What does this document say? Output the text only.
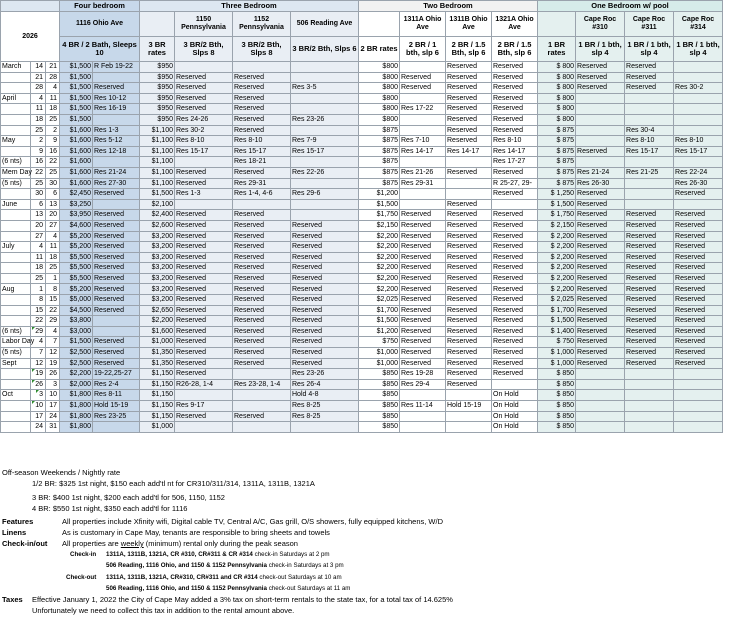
			Four bedroom		Three Bedroom				Two Bedroom				One Bedroom w/ pool			
2026			1116 Ohio Ave			1150 Pennsylvania	1152 Pennsylvania	506 Reading Ave		1311A Ohio Ave	1311B Ohio Ave	1321A Ohio Ave		Cape Roc #310	Cape Roc #311	Cape Roc #314
			4 BR / 2 Bath, Sleeps 10		3 BR rates	3 BR/2 Bth, Slps 8	3 BR/2 Bth, Slps 8	3 BR/2 Bth, Slps 6	2 BR rates	2 BR / 1 bth, slp 6	2 BR / 1.5 Bth, slp 6	2 BR / 1.5 Bth, slp 6	1 BR rates	1 BR / 1 bth, slp 4	1 BR / 1 bth, slp 4	1 BR / 1 bth, slp 4
March	14	21	$1,500	R Feb 19-22	$950				$800		Reserved	Reserved	$ 800	Reserved	Reserved	
	21	28	$1,500		$950	Reserved	Reserved		$800	Reserved	Reserved	Reserved	$ 800	Reserved	Reserved	
	28	4	$1,500	Reserved	$950	Reserved	Reserved	Res 3-5	$800	Reserved	Reserved	Reserved	$ 800	Reserved	Reserved	Res 30-2
April	4	11	$1,500	Res 10-12	$950	Reserved	Reserved		$800		Reserved	Reserved	$ 800			
	11	18	$1,500	Res 16-19	$950	Reserved	Reserved		$800	Res 17-22	Reserved	Reserved	$ 800			
	18	25	$1,500		$950	Res 24-26	Reserved	Res 23-26	$800		Reserved	Reserved	$ 800			
	25	2	$1,600	Res 1-3	$1,100	Res 30-2	Reserved		$875		Reserved	Reserved	$ 875		Res 30-4	
May	2	9	$1,600	Res 5-12	$1,100	Res 8-10	Res 8-10	Res 7-9	$875	Res 7-10	Reserved	Res 8-10	$ 875		Res 8-10	Res 8-10
	9	16	$1,600	Res 12-18	$1,100	Res 15-17	Res 15-17	Res 15-17	$875	Res 14-17	Res 14-17	Res 14-17	$ 875	Reserved	Res 15-17	Res 15-17
(6 nts)	16	22	$1,600		$1,100		Res 18-21		$875			Res 17-27	$ 875			
Mem Day	22	25	$1,600	Res 21-24	$1,100	Reserved	Reserved	Res 22-26	$875	Res 21-26	Reserved	Reserved	$ 875	Res 21-24	Res 21-25	Res 22-24
(5 nts)	25	30	$1,600	Res 27-30	$1,100	Reserved	Res 29-31		$875	Res 29-31		R 25-27, 29-	$ 875	Res 26-30		Res 26-30
	30	6	$2,450	Reserved	$1,500	Res 1-3	Res 1-4, 4-6	Res 29-6	$1,200			Reserved	$ 1,250	Reserved		Reserved
June	6	13	$3,250		$2,100				$1,500		Reserved		$ 1,500	Reserved		
	13	20	$3,950	Reserved	$2,400	Reserved	Reserved		$1,750	Reserved	Reserved	Reserved	$ 1,750	Reserved	Reserved	Reserved
	20	27	$4,600	Reserved	$2,600	Reserved	Reserved	Reserved	$2,150	Reserved	Reserved	Reserved	$ 2,150	Reserved	Reserved	Reserved
	27	4	$5,200	Reserved	$3,200	Reserved	Reserved	Reserved	$2,200	Reserved	Reserved	Reserved	$ 2,200	Reserved	Reserved	Reserved
July	4	11	$5,200	Reserved	$3,200	Reserved	Reserved	Reserved	$2,200	Reserved	Reserved	Reserved	$ 2,200	Reserved	Reserved	Reserved
	11	18	$5,500	Reserved	$3,200	Reserved	Reserved	Reserved	$2,200	Reserved	Reserved	Reserved	$ 2,200	Reserved	Reserved	Reserved
	18	25	$5,500	Reserved	$3,200	Reserved	Reserved	Reserved	$2,200	Reserved	Reserved	Reserved	$ 2,200	Reserved	Reserved	Reserved
	25	1	$5,500	Reserved	$3,200	Reserved	Reserved	Reserved	$2,200	Reserved	Reserved	Reserved	$ 2,200	Reserved	Reserved	Reserved
Aug	1	8	$5,200	Reserved	$3,200	Reserved	Reserved	Reserved	$2,200	Reserved	Reserved	Reserved	$ 2,200	Reserved	Reserved	Reserved
	8	15	$5,000	Reserved	$3,200	Reserved	Reserved	Reserved	$2,025	Reserved	Reserved	Reserved	$ 2,025	Reserved	Reserved	Reserved
	15	22	$4,500	Reserved	$2,650	Reserved	Reserved	Reserved	$1,700	Reserved	Reserved	Reserved	$ 1,700	Reserved	Reserved	Reserved
	22	29	$3,800		$2,200	Reserved	Reserved	Reserved	$1,500	Reserved	Reserved	Reserved	$ 1,500	Reserved	Reserved	Reserved
(6 nts)	29	4	$3,000		$1,600	Reserved	Reserved	Reserved	$1,200	Reserved	Reserved	Reserved	$ 1,400	Reserved	Reserved	Reserved
Labor Day	4	7	$1,500	Reserved	$1,000	Reserved	Reserved	Reserved	$750	Reserved	Reserved	Reserved	$ 750	Reserved	Reserved	Reserved
(5 nts)	7	12	$2,500	Reserved	$1,350	Reserved	Reserved	Reserved	$1,000	Reserved	Reserved	Reserved	$ 1,000	Reserved	Reserved	Reserved
Sept	12	19	$2,500	Reserved	$1,350	Reserved	Reserved	Reserved	$1,000	Reserved	Reserved	Reserved	$ 1,000	Reserved	Reserved	Reserved
	19	26	$2,200	19-22,25-27	$1,150	Reserved		Res 23-26	$850	Res 19-28	Reserved	Reserved	$ 850			
	26	3	$2,000	Res 2-4	$1,150	R26-28, 1-4	Res 23-28, 1-4	Res 26-4	$850	Res 29-4	Reserved		$ 850			
Oct	3	10	$1,800	Res 8-11	$1,150			Hold 4-8	$850			On Hold	$ 850			
	10	17	$1,800	Hold 15-19	$1,150	Res 9-17		Res 8-25	$850	Res 11-14	Hold 15-19	On Hold	$ 850			
	17	24	$1,800	Res 23-25	$1,150	Reserved	Reserved	Res 8-25	$850			On Hold	$ 850			
	24	31	$1,800		$1,000				$850			On Hold	$ 850			
Off-season Weekends / Nightly rate
1/2 BR: $325 1st night, $150 each add'tl nt for CR310/311/314, 1311A, 1311B, 1321A
3 BR: $400 1st night, $200 each add'tl for 506, 1150, 1152
4 BR: $550 1st night, $350 each add'tl for 1116
Features	All properties include Xfinity wifi, Digital cable TV, Central A/C, Gas grill, O/S showers, fully equipped kitchens, W/D
Linens	As is customary in Cape May, tenants are responsible to bring sheets and towels
Check-in/out All properties are weekly (minimum) rental only during the peak season
Check-in 1311A, 1311B, 1321A, CR #310, CR#311 & CR #314 check-in Saturdays at 2 pm
506 Reading, 1116 Ohio, and 1150 & 1152 Pennsylvania check-in Saturdays at 3 pm
Check-out 1311A, 1311B, 1321A, CR#310, CR#311 and CR #314 check-out Saturdays at 10 am
506 Reading, 1116 Ohio, and 1150 & 1152 Pennsylvania check-out Saturdays at 11 am
Taxes Effective January 1, 2022 the City of Cape May added a 3% tax on short-term rentals to the state tax, for a total tax of 14.625%
Unfortunately we need to collect this tax in addition to the rental amount above.
